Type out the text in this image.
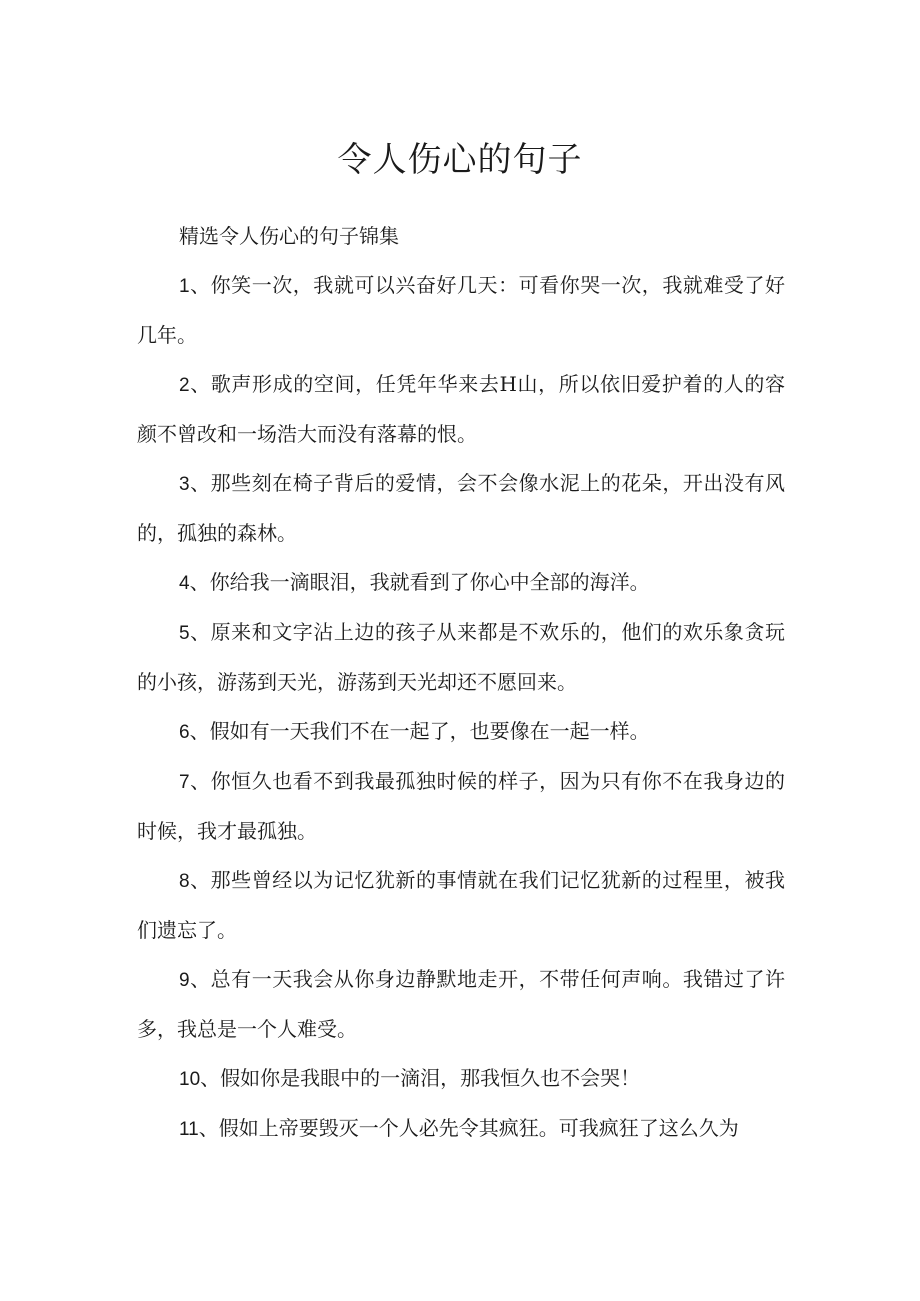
令人伤心的句子

精选令人伤心的句子锦集

1、你笑一次，我就可以兴奋好几天：可看你哭一次，我就难受了好几年。

2、歌声形成的空间，任凭年华来去H山，所以依旧爱护着的人的容颜不曾改和一场浩大而没有落幕的恨。

3、那些刻在椅子背后的爱情，会不会像水泥上的花朵，开出没有风的，孤独的森林。

4、你给我一滴眼泪，我就看到了你心中全部的海洋。

5、原来和文字沾上边的孩子从来都是不欢乐的，他们的欢乐象贪玩的小孩，游荡到天光，游荡到天光却还不愿回来。

6、假如有一天我们不在一起了，也要像在一起一样。

7、你恒久也看不到我最孤独时候的样子，因为只有你不在我身边的时候，我才最孤独。

8、那些曾经以为记忆犹新的事情就在我们记忆犹新的过程里，被我们遗忘了。

9、总有一天我会从你身边静默地走开，不带任何声响。我错过了许多，我总是一个人难受。

10、假如你是我眼中的一滴泪，那我恒久也不会哭！

11、假如上帝要毁灭一个人必先令其疯狂。可我疯狂了这么久为
